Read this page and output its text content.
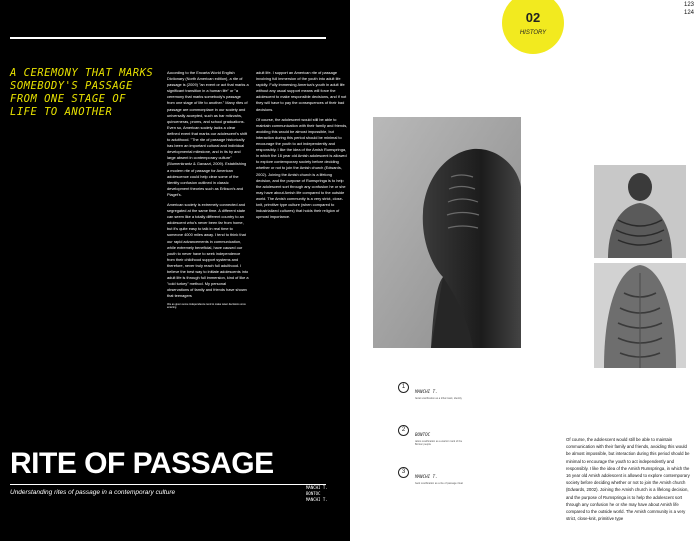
A CEREMONY THAT MARKS SOMEBODY'S PASSAGE FROM ONE STAGE OF LIFE TO ANOTHER

According to the Encarta World English Dictionary (North American edition), a rite of passage is (2009) "an event or act that marks a significant transition in a human life" or "a ceremony that marks somebody's passage from one stage of life to another." Many rites of passage are commonplace in our society and universally accepted, such as bar mitzvahs, quinceneras, proms, and school graduations. Even so, American society lacks a clear defined event that marks our adolescent's shift to adulthood. "The rite of passage historically has been an important cultural and individual developmental milestone, and in its by and large absent in contemporary culture" (Blumenkrantz & Gavazzi, 2009). Establishing a modern rite of passage for American adolescence could help clear some of the identity confusion outlined in classic development theories such as Erikson's and Piaget's.

American society is extremely connected and segregated at the same time. A different state can seem like a totally different country to an adolescent who's never been far from home, but it's quite easy to talk in real time to someone 4000 miles away. I tend to think that our rapid advancements in communication, while extremely beneficial, have caused our youth to never have to seek independence from their childhood support systems and therefore, never truly reach full adulthood. I believe the best way to initiate adolescents into adult life is through full immersion, kind of like a "cold turkey" method. My personal observations of family and friends have shown that teenagers

this as given some independence tend to make wiser decisions once entering

adult life. I support an American rite of passage involving full immersion of the youth into adult life rapidly. Fully immersing America's youth in adult life without any usual support means will force the adolescent to make responsible decisions, and if not they will have to pay the consequences of their bad decisions.

Of course, the adolescent would still be able to maintain communication with their family and friends, avoiding this would be almost impossible, but interaction during this period should be minimal to encourage the youth to act independently and responsibly. I like the idea of the Amish Rumspringa, in which the 16 year old Amish adolescent is allowed to explore contemporary society before deciding whether or not to join the Amish church (Edwards, 2002). Joining the Amish church is a lifelong decision, and the purpose of Rumspringa is to help the adolescent sort through any confusion he or she may have about Amish life compared to the outside world. The Amish community is a very strict, close-knit, primitive type culture (when compared to industrialized cultures) that holds their religion of upmost importance.

RITE OF PASSAGE
Understanding rites of passage in a contemporary culture
MANCHI T.
BONTOC
MANCHI T.
123
124
02
HISTORY
1
MANCHI T.
facial scarification as a tribal mark, identity
2
BONTOC
tattoo scarification as a warrior mark of the Bontoc people
3
MANCHI T.
back scarification as a rite of passage ritual
Of course, the adolescent would still be able to maintain communication with their family and friends, avoiding this would be almost impossible, but interaction during this period should be minimal to encourage the youth to act independently and responsibly. I like the idea of the Amish Rumspringa, in which the 16 year old Amish adolescent is allowed to explore contemporary society before deciding whether or not to join the Amish church (Edwards, 2002). Joining the Amish church is a lifelong decision, and the purpose of Rumspringa is to help the adolescent sort through any confusion he or she may have about Amish life compared to the outside world. The Amish community is a very strict, close-knit, primitive type
